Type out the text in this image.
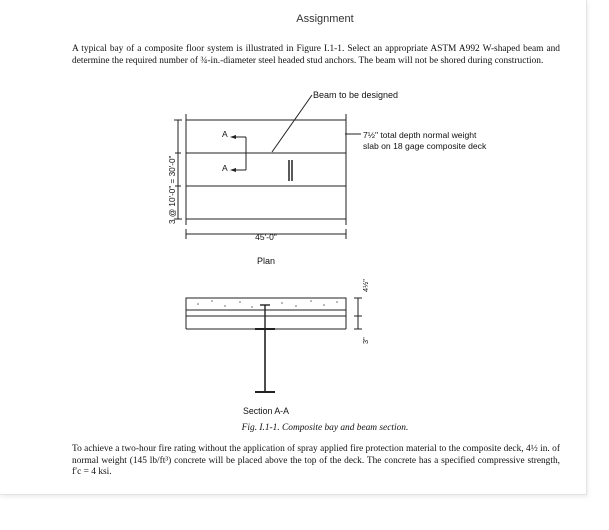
Assignment
A typical bay of a composite floor system is illustrated in Figure I.1-1. Select an appropriate ASTM A992 W-shaped beam and determine the required number of ¾-in.-diameter steel headed stud anchors. The beam will not be shored during construction.
Beam to be designed
A
A
45'-0"
Plan
3 @ 10'-0" = 30'-0"
4½"
3"
Section A-A
7½" total depth normal weight slab on 18 gage composite deck
Fig. I.1-1. Composite bay and beam section.
To achieve a two-hour fire rating without the application of spray applied fire protection material to the composite deck, 4½ in. of normal weight (145 lb/ft³) concrete will be placed above the top of the deck. The concrete has a specified compressive strength, f′c = 4 ksi.
